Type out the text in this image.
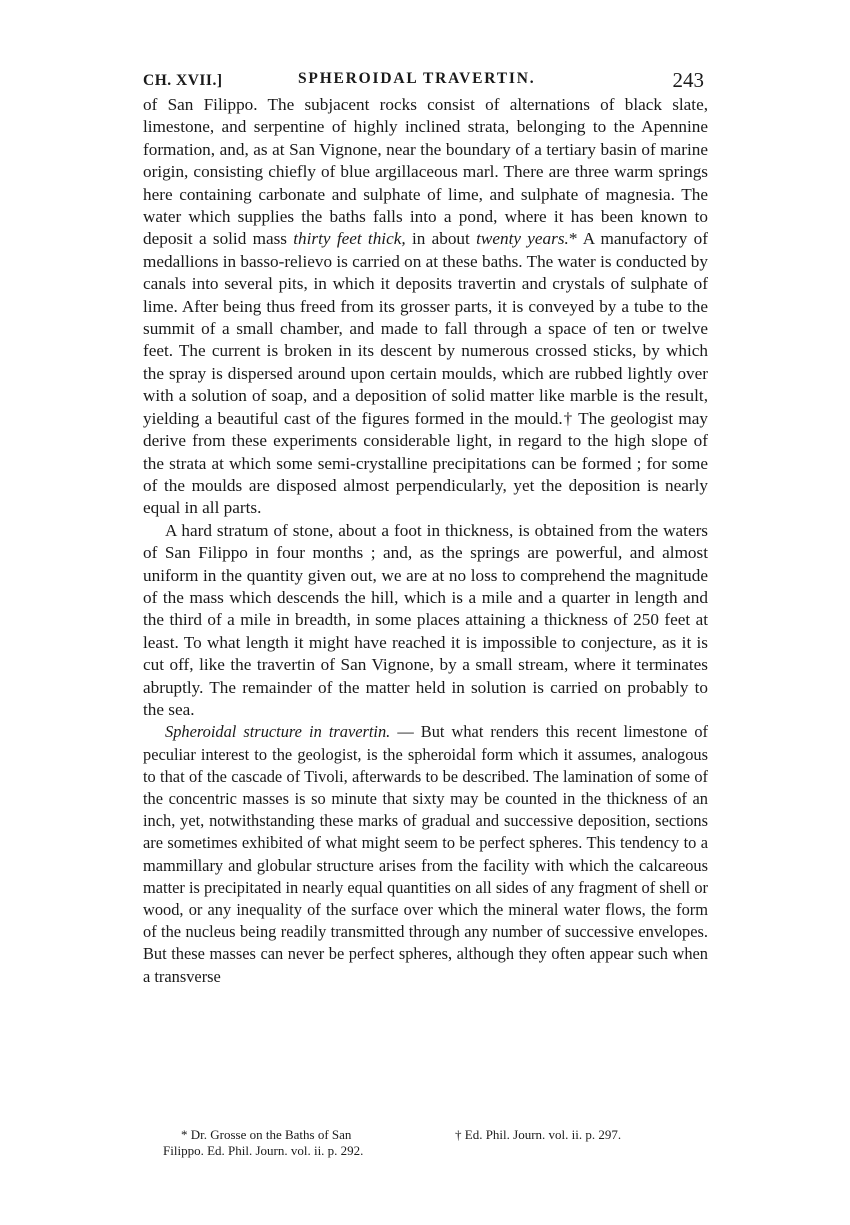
CH. XVII.]	SPHEROIDAL TRAVERTIN.	243

of San Filippo. The subjacent rocks consist of alternations of black slate, limestone, and serpentine of highly inclined strata, belonging to the Apennine formation, and, as at San Vignone, near the boundary of a tertiary basin of marine origin, consisting chiefly of blue argillaceous marl. There are three warm springs here containing carbonate and sulphate of lime, and sulphate of magnesia. The water which supplies the baths falls into a pond, where it has been known to deposit a solid mass thirty feet thick, in about twenty years.* A manufactory of medallions in basso-relievo is carried on at these baths. The water is conducted by canals into several pits, in which it deposits travertin and crystals of sulphate of lime. After being thus freed from its grosser parts, it is conveyed by a tube to the summit of a small chamber, and made to fall through a space of ten or twelve feet. The current is broken in its descent by numerous crossed sticks, by which the spray is dispersed around upon certain moulds, which are rubbed lightly over with a solution of soap, and a deposition of solid matter like marble is the result, yielding a beautiful cast of the figures formed in the mould.† The geologist may derive from these experiments considerable light, in regard to the high slope of the strata at which some semi-crystalline precipitations can be formed ; for some of the moulds are disposed almost perpendicularly, yet the deposition is nearly equal in all parts.

A hard stratum of stone, about a foot in thickness, is obtained from the waters of San Filippo in four months ; and, as the springs are powerful, and almost uniform in the quantity given out, we are at no loss to comprehend the magnitude of the mass which descends the hill, which is a mile and a quarter in length and the third of a mile in breadth, in some places attaining a thickness of 250 feet at least. To what length it might have reached it is impossible to conjecture, as it is cut off, like the travertin of San Vignone, by a small stream, where it terminates abruptly. The remainder of the matter held in solution is carried on probably to the sea.

Spheroidal structure in travertin. — But what renders this recent limestone of peculiar interest to the geologist, is the spheroidal form which it assumes, analogous to that of the cascade of Tivoli, afterwards to be described. The lamination of some of the concentric masses is so minute that sixty may be counted in the thickness of an inch, yet, notwithstanding these marks of gradual and successive deposition, sections are sometimes exhibited of what might seem to be perfect spheres. This tendency to a mammillary and globular structure arises from the facility with which the calcareous matter is precipitated in nearly equal quantities on all sides of any fragment of shell or wood, or any inequality of the surface over which the mineral water flows, the form of the nucleus being readily transmitted through any number of successive envelopes. But these masses can never be perfect spheres, although they often appear such when a transverse

* Dr. Grosse on the Baths of San
Filippo. Ed. Phil. Journ. vol. ii. p. 292.
† Ed. Phil. Journ. vol. ii. p. 297.
